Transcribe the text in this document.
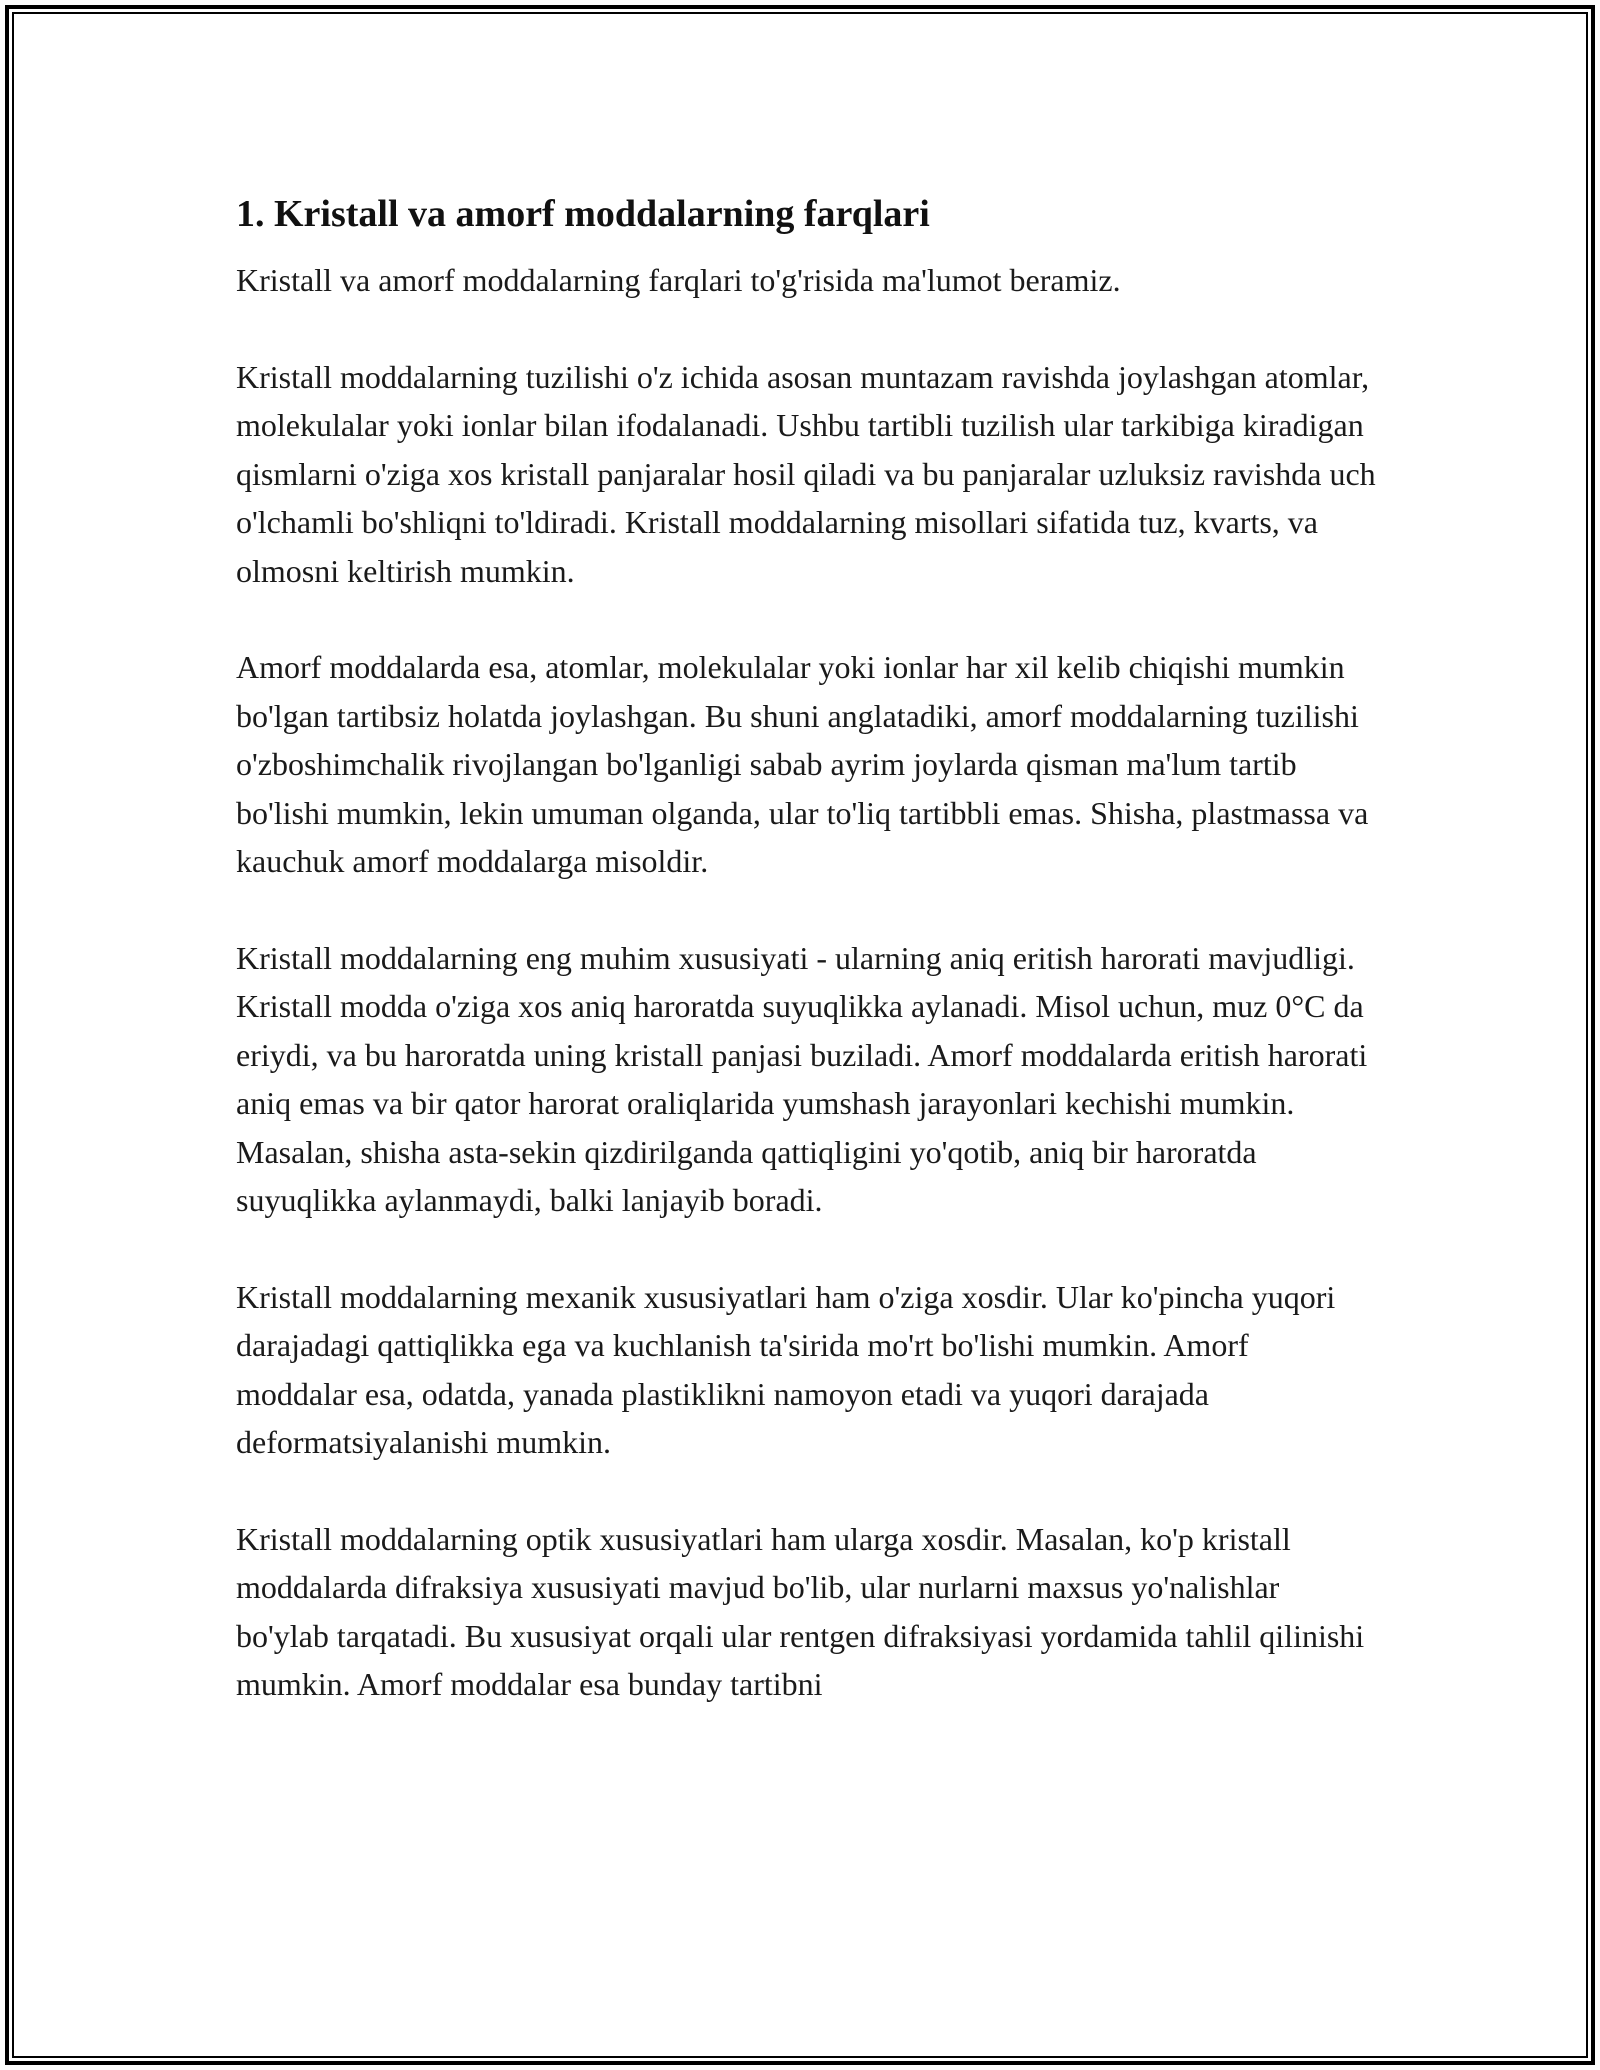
1. Kristall va amorf moddalarning farqlari

Kristall va amorf moddalarning farqlari to'g'risida ma'lumot beramiz.

Kristall moddalarning tuzilishi o'z ichida asosan muntazam ravishda joylashgan atomlar, molekulalar yoki ionlar bilan ifodalanadi. Ushbu tartibli tuzilish ular tarkibiga kiradigan qismlarni o'ziga xos kristall panjaralar hosil qiladi va bu panjaralar uzluksiz ravishda uch o'lchamli bo'shliqni to'ldiradi. Kristall moddalarning misollari sifatida tuz, kvarts, va olmosni keltirish mumkin.

Amorf moddalarda esa, atomlar, molekulalar yoki ionlar har xil kelib chiqishi mumkin bo'lgan tartibsiz holatda joylashgan. Bu shuni anglatadiki, amorf moddalarning tuzilishi o'zboshimchalik rivojlangan bo'lganligi sabab ayrim joylarda qisman ma'lum tartib bo'lishi mumkin, lekin umuman olganda, ular to'liq tartibbli emas. Shisha, plastmassa va kauchuk amorf moddalarga misoldir.

Kristall moddalarning eng muhim xususiyati - ularning aniq eritish harorati mavjudligi. Kristall modda o'ziga xos aniq haroratda suyuqlikka aylanadi. Misol uchun, muz 0°C da eriydi, va bu haroratda uning kristall panjasi buziladi. Amorf moddalarda eritish harorati aniq emas va bir qator harorat oraliqlarida yumshash jarayonlari kechishi mumkin. Masalan, shisha asta-sekin qizdirilganda qattiqligini yo'qotib, aniq bir haroratda suyuqlikka aylanmaydi, balki lanjayib boradi.

Kristall moddalarning mexanik xususiyatlari ham o'ziga xosdir. Ular ko'pincha yuqori darajadagi qattiqlikka ega va kuchlanish ta'sirida mo'rt bo'lishi mumkin. Amorf moddalar esa, odatda, yanada plastiklikni namoyon etadi va yuqori darajada deformatsiyalanishi mumkin.

Kristall moddalarning optik xususiyatlari ham ularga xosdir. Masalan, ko'p kristall moddalarda difraksiya xususiyati mavjud bo'lib, ular nurlarni maxsus yo'nalishlar bo'ylab tarqatadi. Bu xususiyat orqali ular rentgen difraksiyasi yordamida tahlil qilinishi mumkin. Amorf moddalar esa bunday tartibni
